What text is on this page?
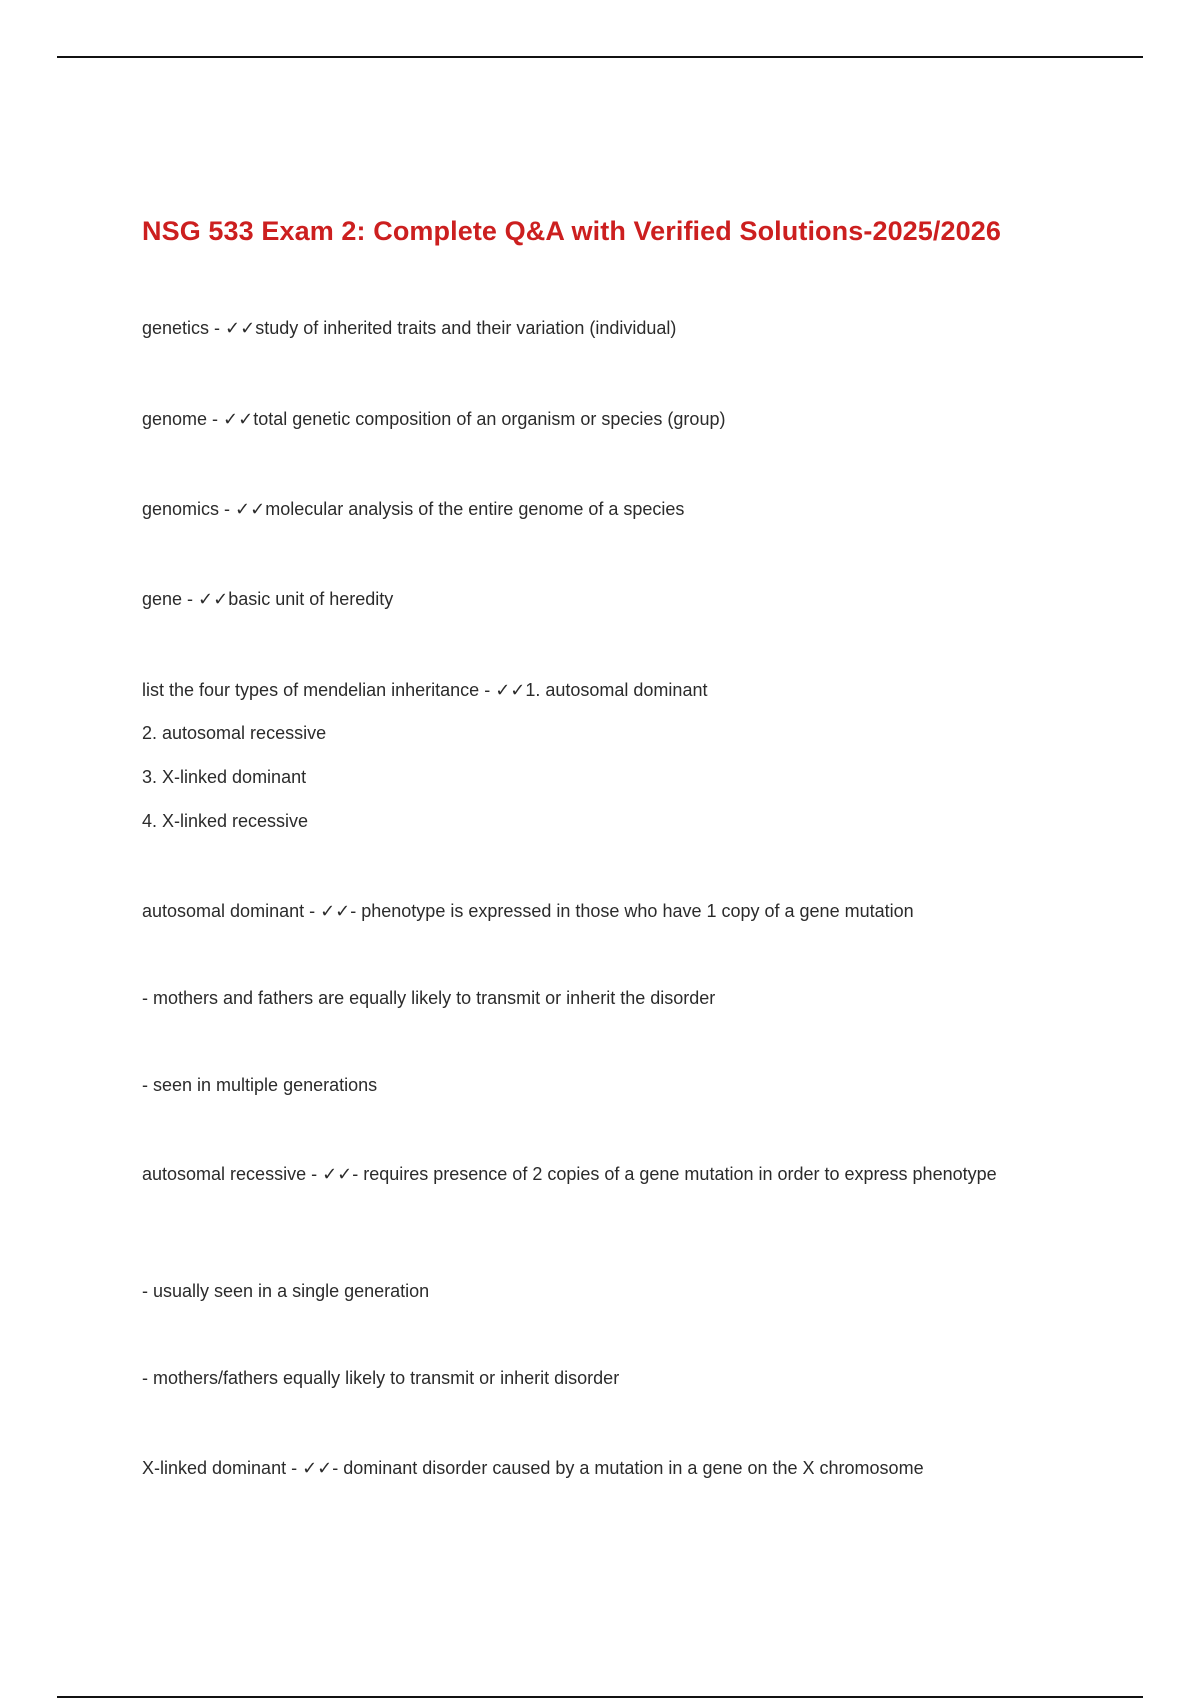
NSG 533 Exam 2: Complete Q&A with Verified Solutions-2025/2026
genetics - ✓✓study of inherited traits and their variation (individual)
genome - ✓✓total genetic composition of an organism or species (group)
genomics - ✓✓molecular analysis of the entire genome of a species
gene - ✓✓basic unit of heredity
list the four types of mendelian inheritance - ✓✓1. autosomal dominant
2. autosomal recessive
3. X-linked dominant
4. X-linked recessive
autosomal dominant - ✓✓- phenotype is expressed in those who have 1 copy of a gene mutation
- mothers and fathers are equally likely to transmit or inherit the disorder
- seen in multiple generations
autosomal recessive - ✓✓- requires presence of 2 copies of a gene mutation in order to express phenotype
- usually seen in a single generation
- mothers/fathers equally likely to transmit or inherit disorder
X-linked dominant - ✓✓- dominant disorder caused by a mutation in a gene on the X chromosome
